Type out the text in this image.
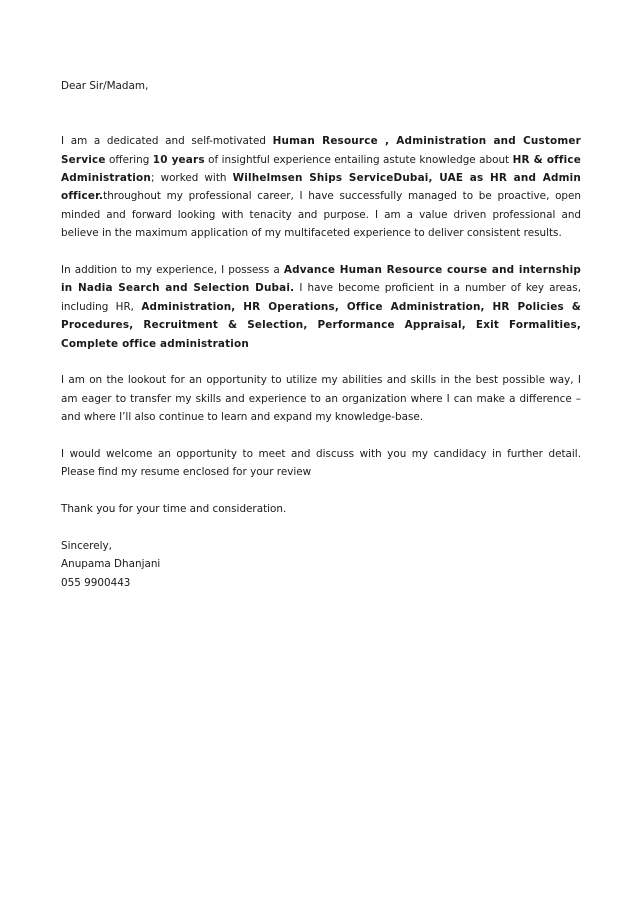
Dear Sir/Madam,

I am a dedicated and self-motivated Human Resource , Administration and Customer Service offering 10 years of insightful experience entailing astute knowledge about HR & office Administration; worked with Wilhelmsen Ships ServiceDubai, UAE as HR and Admin officer.throughout my professional career, I have successfully managed to be proactive, open minded and forward looking with tenacity and purpose. I am a value driven professional and believe in the maximum application of my multifaceted experience to deliver consistent results.

In addition to my experience, I possess a Advance Human Resource course and internship in Nadia Search and Selection Dubai. I have become proficient in a number of key areas, including HR, Administration, HR Operations, Office Administration, HR Policies & Procedures, Recruitment & Selection, Performance Appraisal, Exit Formalities, Complete office administration

I am on the lookout for an opportunity to utilize my abilities and skills in the best possible way, I am eager to transfer my skills and experience to an organization where I can make a difference – and where I’ll also continue to learn and expand my knowledge-base.

I would welcome an opportunity to meet and discuss with you my candidacy in further detail. Please find my resume enclosed for your review

Thank you for your time and consideration.

Sincerely,

Anupama Dhanjani

055 9900443
